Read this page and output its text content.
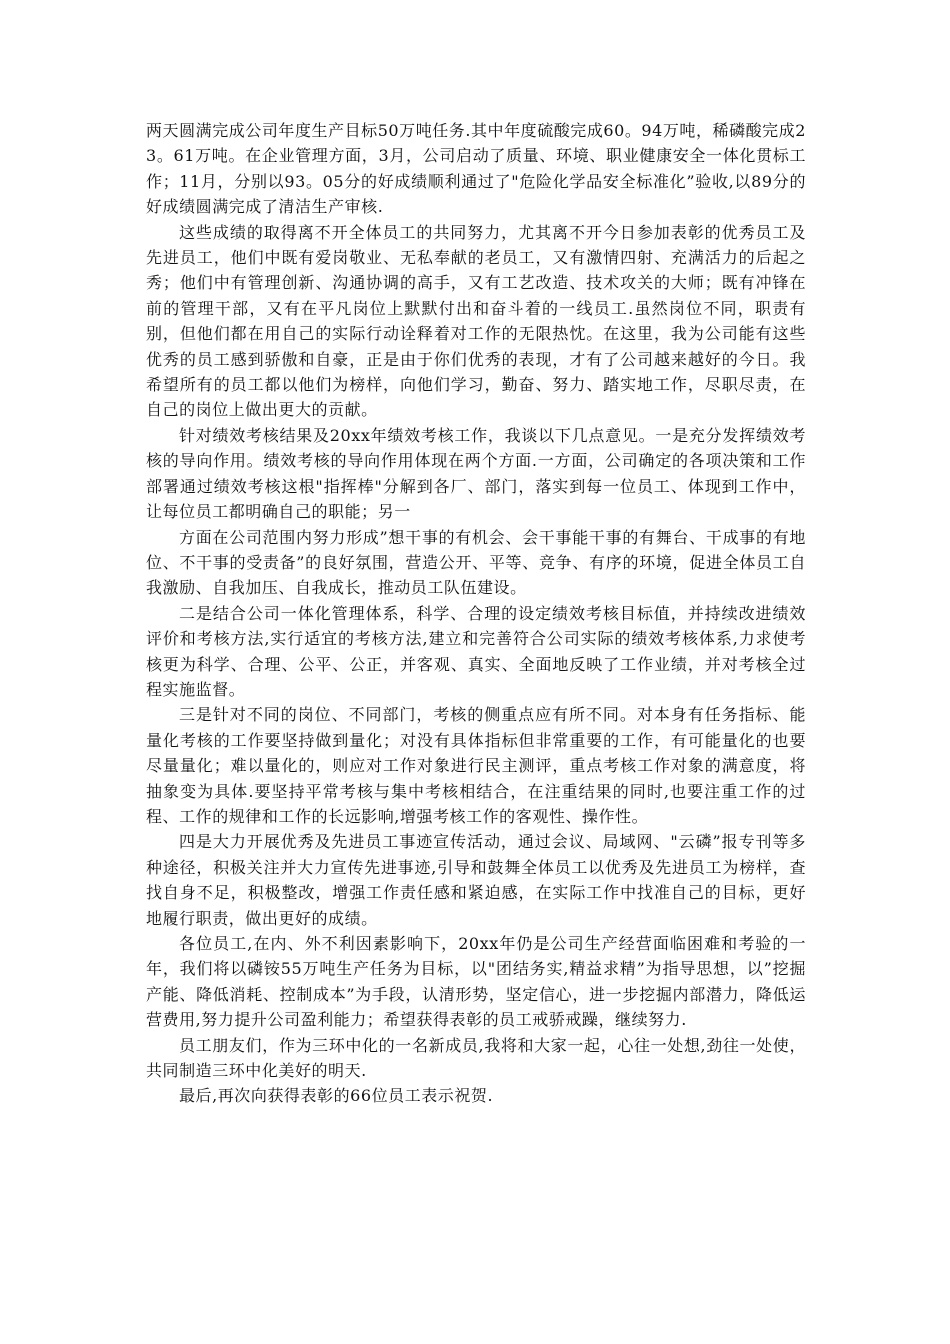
两天圆满完成公司年度生产目标50万吨任务.其中年度硫酸完成60。94万吨，稀磷酸完成23。61万吨。在企业管理方面，3月，公司启动了质量、环境、职业健康安全一体化贯标工作；11月，分别以93。05分的好成绩顺利通过了"危险化学品安全标准化”验收,以89分的好成绩圆满完成了清洁生产审核.

这些成绩的取得离不开全体员工的共同努力，尤其离不开今日参加表彰的优秀员工及先进员工，他们中既有爱岗敬业、无私奉献的老员工，又有激情四射、充满活力的后起之秀；他们中有管理创新、沟通协调的高手，又有工艺改造、技术攻关的大师；既有冲锋在前的管理干部，又有在平凡岗位上默默付出和奋斗着的一线员工.虽然岗位不同，职责有别，但他们都在用自己的实际行动诠释着对工作的无限热忱。在这里，我为公司能有这些优秀的员工感到骄傲和自豪，正是由于你们优秀的表现，才有了公司越来越好的今日。我希望所有的员工都以他们为榜样，向他们学习，勤奋、努力、踏实地工作，尽职尽责，在自己的岗位上做出更大的贡献。

针对绩效考核结果及20xx年绩效考核工作，我谈以下几点意见。一是充分发挥绩效考核的导向作用。绩效考核的导向作用体现在两个方面.一方面，公司确定的各项决策和工作部署通过绩效考核这根"指挥棒"分解到各厂、部门，落实到每一位员工、体现到工作中，让每位员工都明确自己的职能；另一

方面在公司范围内努力形成”想干事的有机会、会干事能干事的有舞台、干成事的有地位、不干事的受责备”的良好氛围，营造公开、平等、竞争、有序的环境，促进全体员工自我激励、自我加压、自我成长，推动员工队伍建设。

二是结合公司一体化管理体系，科学、合理的设定绩效考核目标值，并持续改进绩效评价和考核方法,实行适宜的考核方法,建立和完善符合公司实际的绩效考核体系,力求使考核更为科学、合理、公平、公正，并客观、真实、全面地反映了工作业绩，并对考核全过程实施监督。

三是针对不同的岗位、不同部门，考核的侧重点应有所不同。对本身有任务指标、能量化考核的工作要坚持做到量化；对没有具体指标但非常重要的工作，有可能量化的也要尽量量化；难以量化的，则应对工作对象进行民主测评，重点考核工作对象的满意度，将抽象变为具体.要坚持平常考核与集中考核相结合，在注重结果的同时,也要注重工作的过程、工作的规律和工作的长远影响,增强考核工作的客观性、操作性。

四是大力开展优秀及先进员工事迹宣传活动，通过会议、局域网、"云磷”报专刊等多种途径，积极关注并大力宣传先进事迹,引导和鼓舞全体员工以优秀及先进员工为榜样，查找自身不足，积极整改，增强工作责任感和紧迫感，在实际工作中找准自己的目标，更好地履行职责，做出更好的成绩。

各位员工,在内、外不利因素影响下，20xx年仍是公司生产经营面临困难和考验的一年，我们将以磷铵55万吨生产任务为目标，以"团结务实,精益求精”为指导思想，以”挖掘产能、降低消耗、控制成本”为手段，认清形势，坚定信心，进一步挖掘内部潜力，降低运营费用,努力提升公司盈利能力；希望获得表彰的员工戒骄戒躁，继续努力.

员工朋友们，作为三环中化的一名新成员,我将和大家一起，心往一处想,劲往一处使，共同制造三环中化美好的明天.

最后,再次向获得表彰的66位员工表示祝贺.
